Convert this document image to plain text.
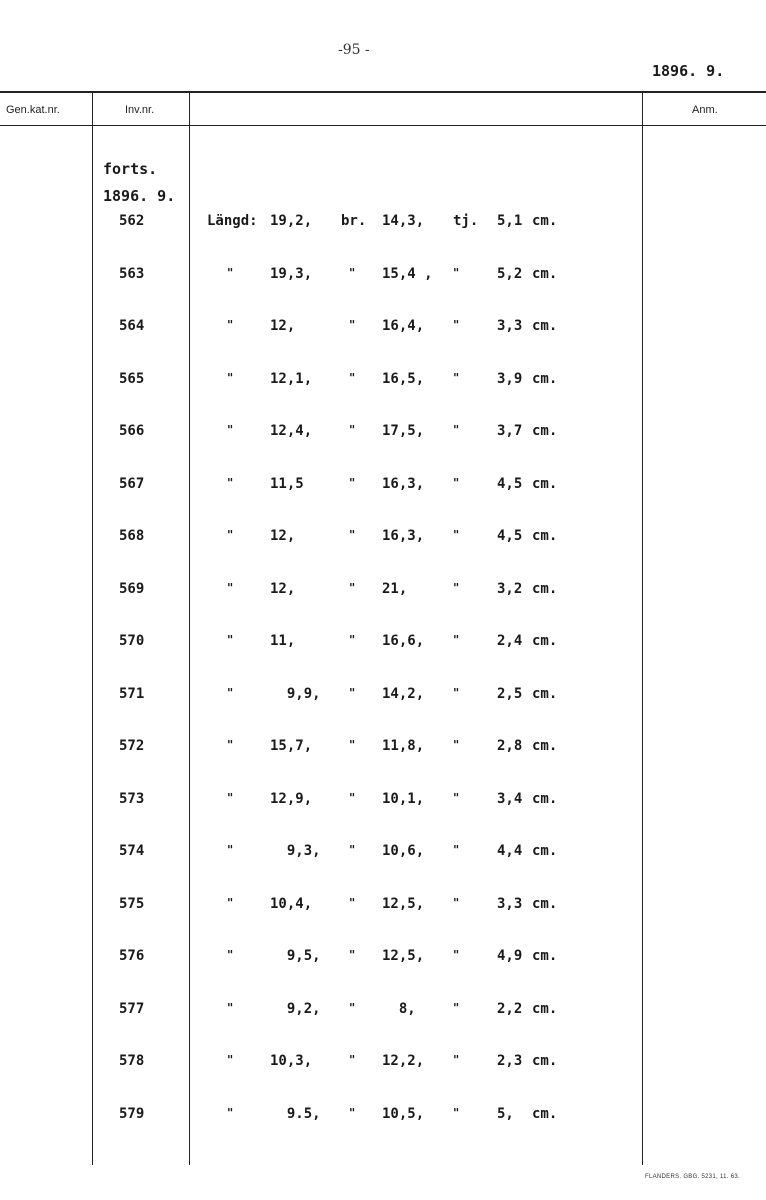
-95 -
1896. 9.
Gen.kat.nr.	Inv.nr.	Anm.
forts.
1896. 9.
562	Längd: 19,2, br. 14,3, tj. 5,1 cm.
563	"	19,3,	" 15,4 , "	5,2 cm.
564	"	12,	" 16,4, "	3,3 cm.
565	"	12,1,	" 16,5, "	3,9 cm.
566	"	12,4,	" 17,5, "	3,7 cm.
567	"	11,5	" 16,3, "	4,5 cm.
568	"	12,	" 16,3, "	4,5 cm.
569	"	12,	" 21,	"	3,2 cm.
570	"	11,	" 16,6, "	2,4 cm.
571	"	9,9,	" 14,2, "	2,5 cm.
572	"	15,7,	" 11,8, "	2,8 cm.
573	"	12,9,	" 10,1, "	3,4 cm.
574	"	9,3,	" 10,6, "	4,4 cm.
575	"	10,4,	" 12,5, "	3,3 cm.
576	"	9,5,	" 12,5, "	4,9 cm.
577	"	9,2,	" 8,	"	2,2 cm.
578	"	10,3,	" 12,2, "	2,3 cm.
579	"	9.5,	" 10,5, "	5, cm.
FLANDERS. GBG. 5231, 11. 63.
